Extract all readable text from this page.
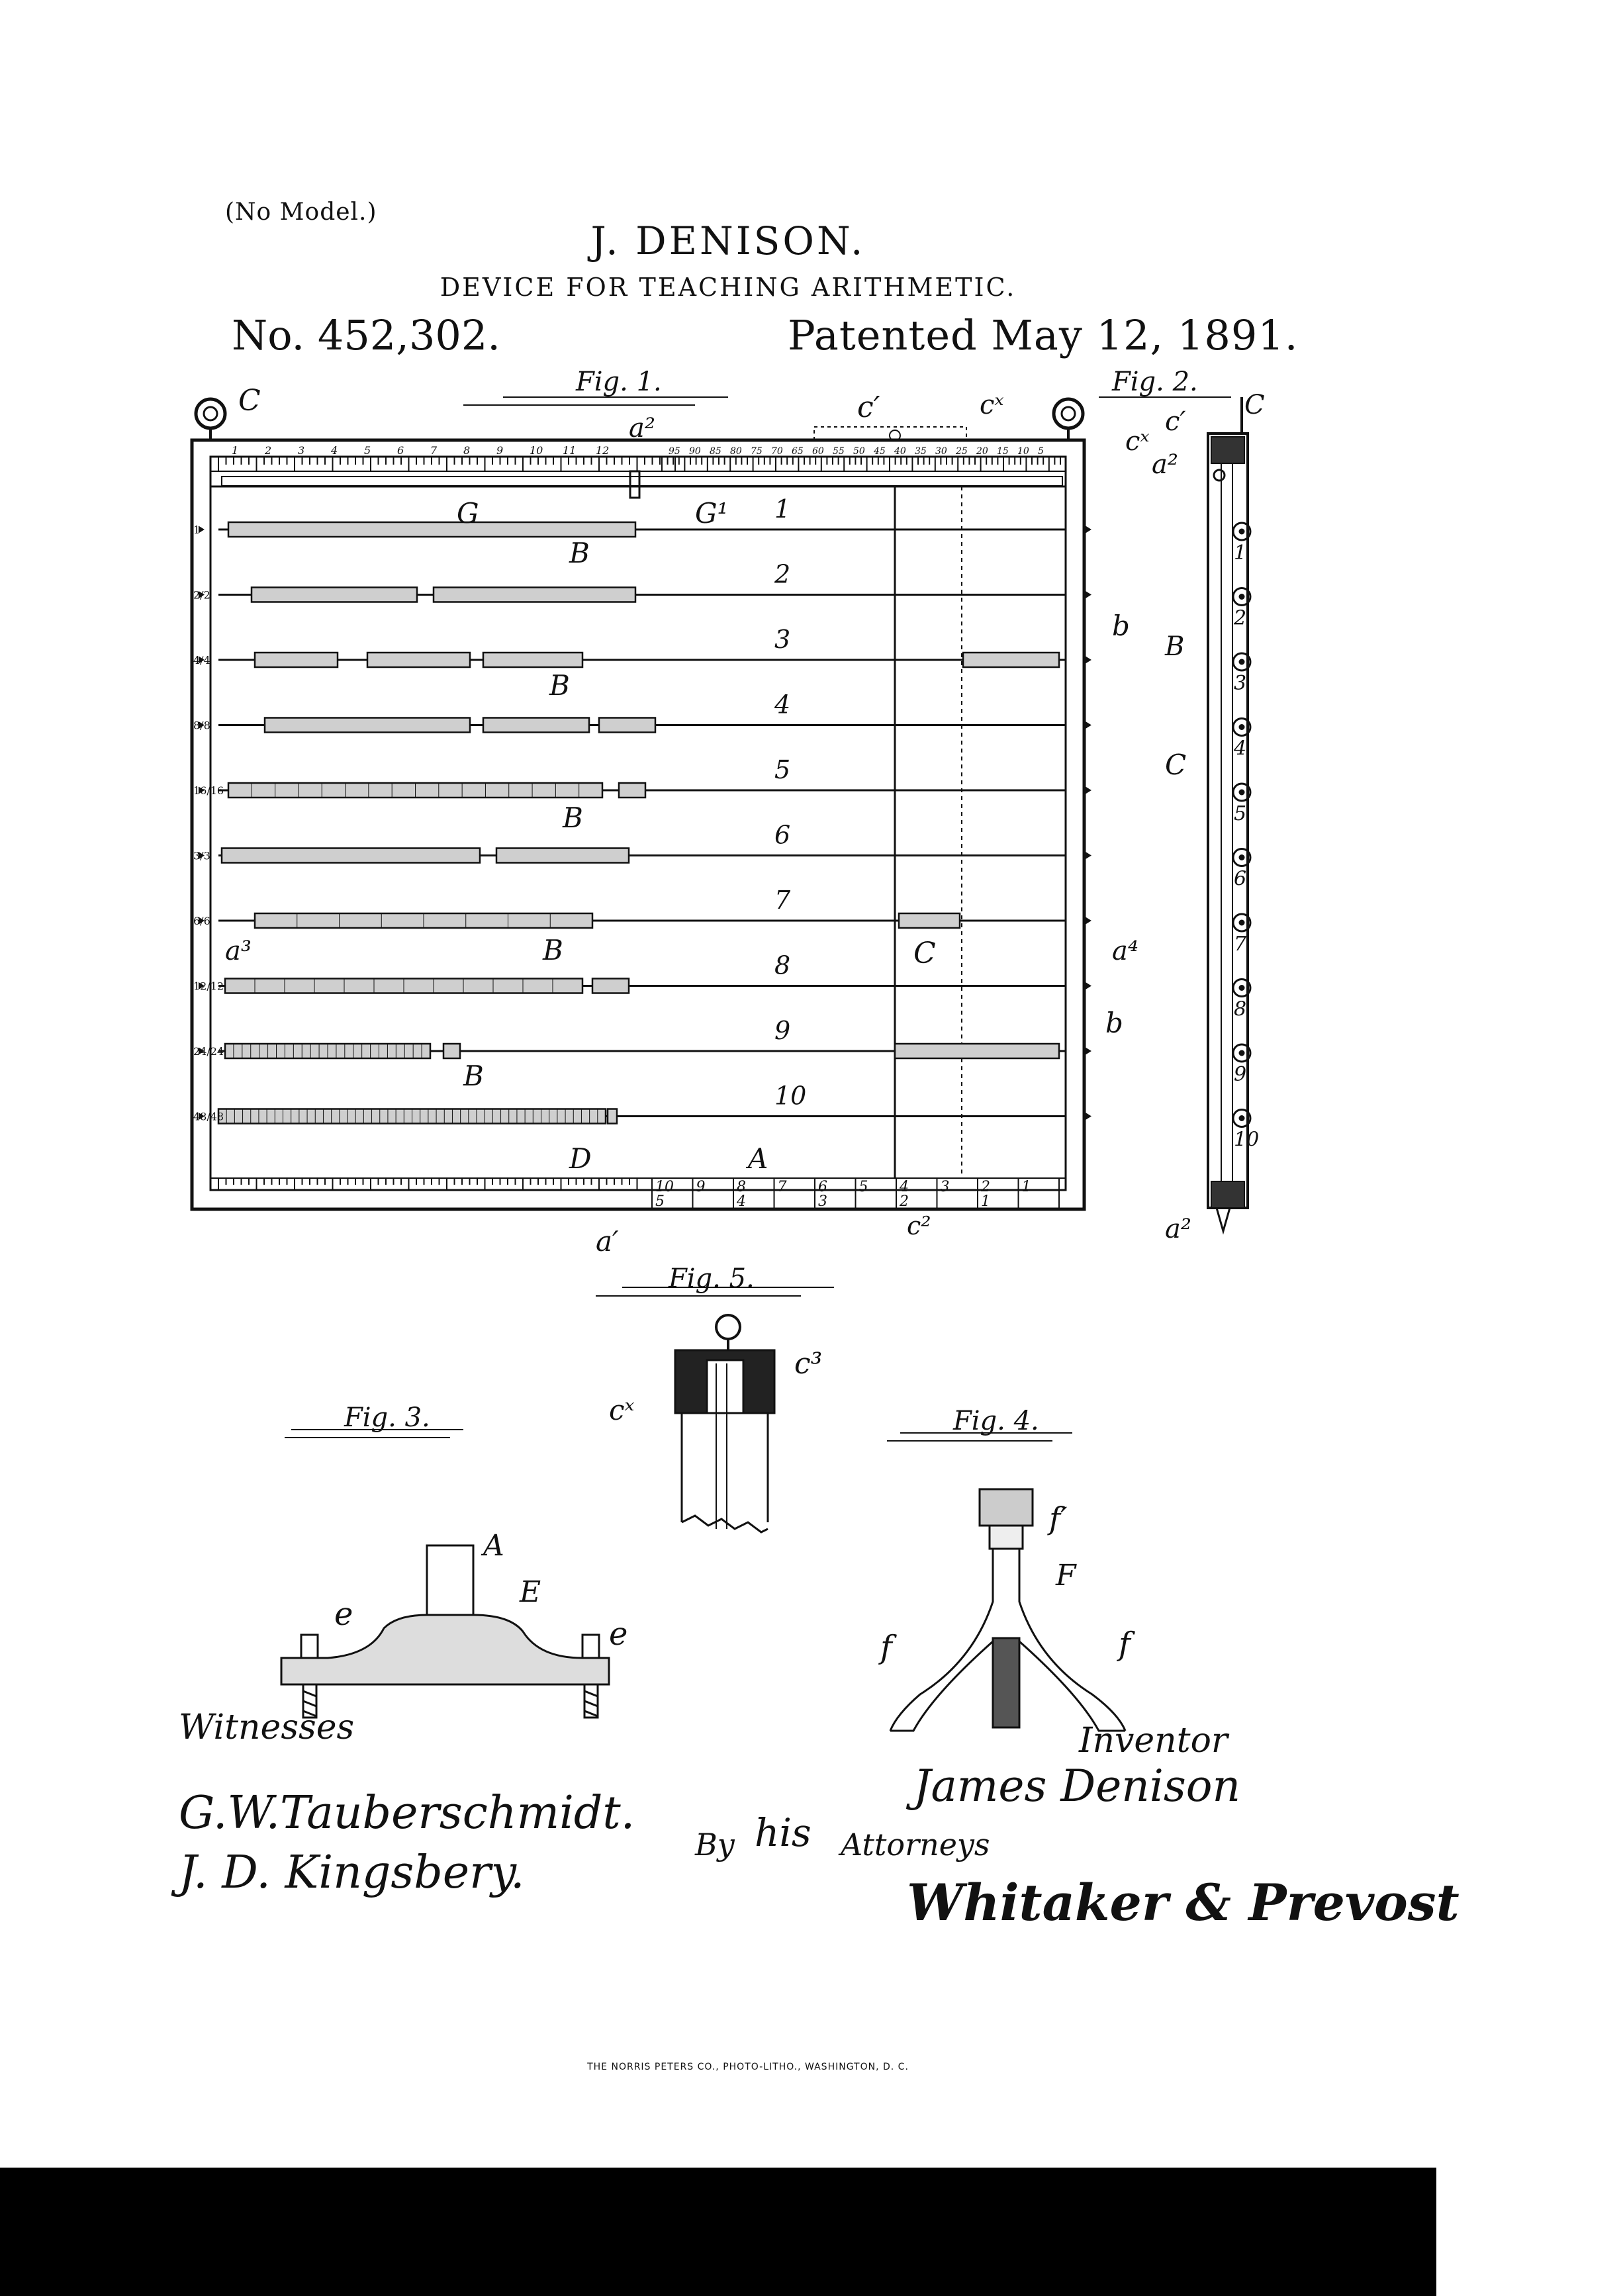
(No Model.)
J. DENISON.
DEVICE FOR TEACHING ARITHMETIC.
No. 452,302.	Patented May 12, 1891.
1 2 3 4 5 6 7 8 9 10 11 12	95 90 85 80 75 70 65 60 55 50 45 40 35 30 25 20 15 10 5
1
2
3
4
5
6
7
8
9
10
1
2/2
4/4
8/8
16/16
3/3
6/6
12/12
24/24
48/48
10 9 8 7 6 5 4 3 2 1
5	4	3	2	1
Fig. 1.	Fig. 2.
C
a²
c′	cˣ
G	G¹
B
B
B
B
B
b
b
a³	a⁴
C
D	A
a′	c²
1
2
3
4
5
6
7
8
9
10
C
cˣ
c′
a²
B
C
a²
Fig. 5.
c³
cˣ
Fig. 3.
A
E
e
e
Fig. 4.
f′
F
f	f
Witnesses	Inventor
G.W.Tauberschmidt.
J. D. Kingsbery.
James Denison
By his Attorneys
Whitaker & Prevost
THE NORRIS PETERS CO., PHOTO-LITHO., WASHINGTON, D. C.
